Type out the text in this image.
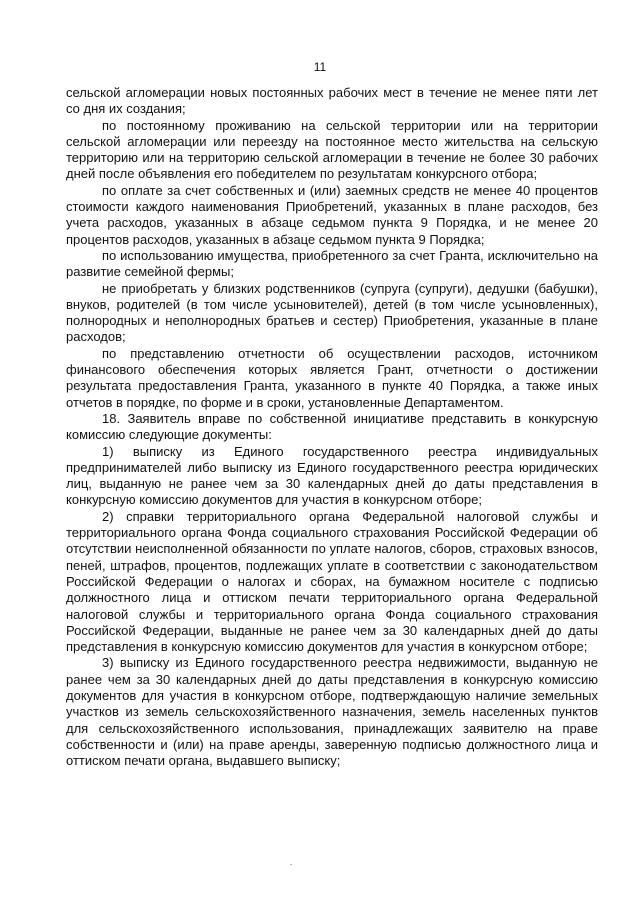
11

сельской агломерации новых постоянных рабочих мест в течение не менее пяти лет со дня их создания;

по постоянному проживанию на сельской территории или на территории сельской агломерации или переезду на постоянное место жительства на сельскую территорию или на территорию сельской агломерации в течение не более 30 рабочих дней после объявления его победителем по результатам конкурсного отбора;

по оплате за счет собственных и (или) заемных средств не менее 40 процентов стоимости каждого наименования Приобретений, указанных в плане расходов, без учета расходов, указанных в абзаце седьмом пункта 9 Порядка, и не менее 20 процентов расходов, указанных в абзаце седьмом пункта 9 Порядка;

по использованию имущества, приобретенного за счет Гранта, исключительно на развитие семейной фермы;

не приобретать у близких родственников (супруга (супруги), дедушки (бабушки), внуков, родителей (в том числе усыновителей), детей (в том числе усыновленных), полнородных и неполнородных братьев и сестер) Приобретения, указанные в плане расходов;

по представлению отчетности об осуществлении расходов, источником финансового обеспечения которых является Грант, отчетности о достижении результата предоставления Гранта, указанного в пункте 40 Порядка, а также иных отчетов в порядке, по форме и в сроки, установленные Департаментом.

18. Заявитель вправе по собственной инициативе представить в конкурсную комиссию следующие документы:

1) выписку из Единого государственного реестра индивидуальных предпринимателей либо выписку из Единого государственного реестра юридических лиц, выданную не ранее чем за 30 календарных дней до даты представления в конкурсную комиссию документов для участия в конкурсном отборе;

2) справки территориального органа Федеральной налоговой службы и территориального органа Фонда социального страхования Российской Федерации об отсутствии неисполненной обязанности по уплате налогов, сборов, страховых взносов, пеней, штрафов, процентов, подлежащих уплате в соответствии с законодательством Российской Федерации о налогах и сборах, на бумажном носителе с подписью должностного лица и оттиском печати территориального органа Федеральной налоговой службы и территориального органа Фонда социального страхования Российской Федерации, выданные не ранее чем за 30 календарных дней до даты представления в конкурсную комиссию документов для участия в конкурсном отборе;

3) выписку из Единого государственного реестра недвижимости, выданную не ранее чем за 30 календарных дней до даты представления в конкурсную комиссию документов для участия в конкурсном отборе, подтверждающую наличие земельных участков из земель сельскохозяйственного назначения, земель населенных пунктов для сельскохозяйственного использования, принадлежащих заявителю на праве собственности и (или) на праве аренды, заверенную подписью должностного лица и оттиском печати органа, выдавшего выписку;
